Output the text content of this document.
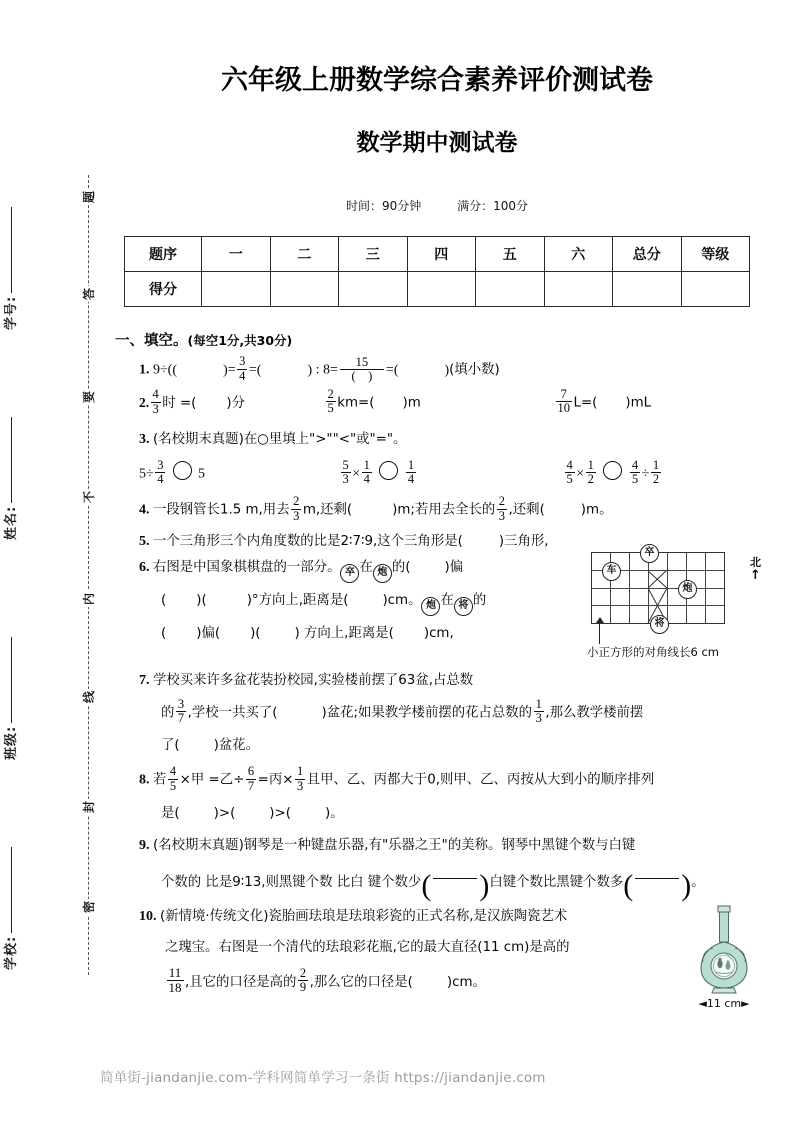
学号:
姓名:
班级:
学校:
题
答
要
不
内
线
封
密
六年级上册数学综合素养评价测试卷
数学期中测试卷
时间：90分钟	满分：100分
题序	一	二	三	四	五	六	总分	等级
得分								
一、填空。(每空1分,共30分)
1. 9÷( (  )	= $\frac{3}{4}$ = (  )	: 8=
15
(    ) = (  )	(填小数)
2. $\frac{4}{3}$ 时 =( )分	$\frac{2}{5} km=$( )m	$\frac{7}{10} L=$( )mL
3. (名校期末真题)在○里填上">""<"或"="。
$5\div \frac{3}{4} 5$	$\frac{5}{3} \times \frac{1}{4}$	$\frac{1}{4}$	$\frac{4}{5} \times \frac{1}{2}$	$\frac{4}{5} \div \frac{1}{2}$
4. 一段钢管长1.5 m,用去 $\frac{2}{3} m$,还剩(	)m;若用去全长的 $\frac{2}{3}$ ,还剩(	)m。
5. 一个三角形三个内角度数的比是2∶7∶9,这个三角形是(	)三角形,
6. 右图是中国象棋棋盘的一部分。 卒 在 炮 的(	)偏
( )(	)°方向上,距离是(	)cm。 炮 在 将 的
( )偏( )(	) 方向上,距离是( )cm,
北
↑
卒
车
炮
将
小正方形的对角线长6 cm
7. 学校买来许多盆花装扮校园,实验楼前摆了63盆,占总数
的 $\frac{3}{7}$ ,学校一共买了(	)盆花;如果教学楼前摆的花占总数的 $\frac{1}{3}$ ,那么教学楼前摆
了(	)盆花。
8. 若 $\frac{4}{5}$ ×甲 =乙÷ $\frac{6}{7}$ =丙× $\frac{1}{3}$ 且甲、乙、丙都大于0,则甲、乙、丙按从大到小的顺序排列
是(	)>(	)>(	)。
9. (名校期末真题)钢琴是一种键盘乐器,有"乐器之王"的美称。钢琴中黑键个数与白键
个数的 比是9∶13,则黑键个数 比白 键个数少( )白键个数比黑键个数多( )。
10. (新情境·传统文化)瓷胎画珐琅是珐琅彩瓷的正式名称,是汉族陶瓷艺术
之瑰宝。右图是一个清代的珐琅彩花瓶,它的最大直径(11 cm)是高的
$\frac{11}{18}$ ,且它的口径是高的 $\frac{2}{9}$ ,那么它的口径是(	)cm。
◄11 cm►
简单街-jiandanjie.com-学科网简单学习一条街 https://jiandanjie.com
